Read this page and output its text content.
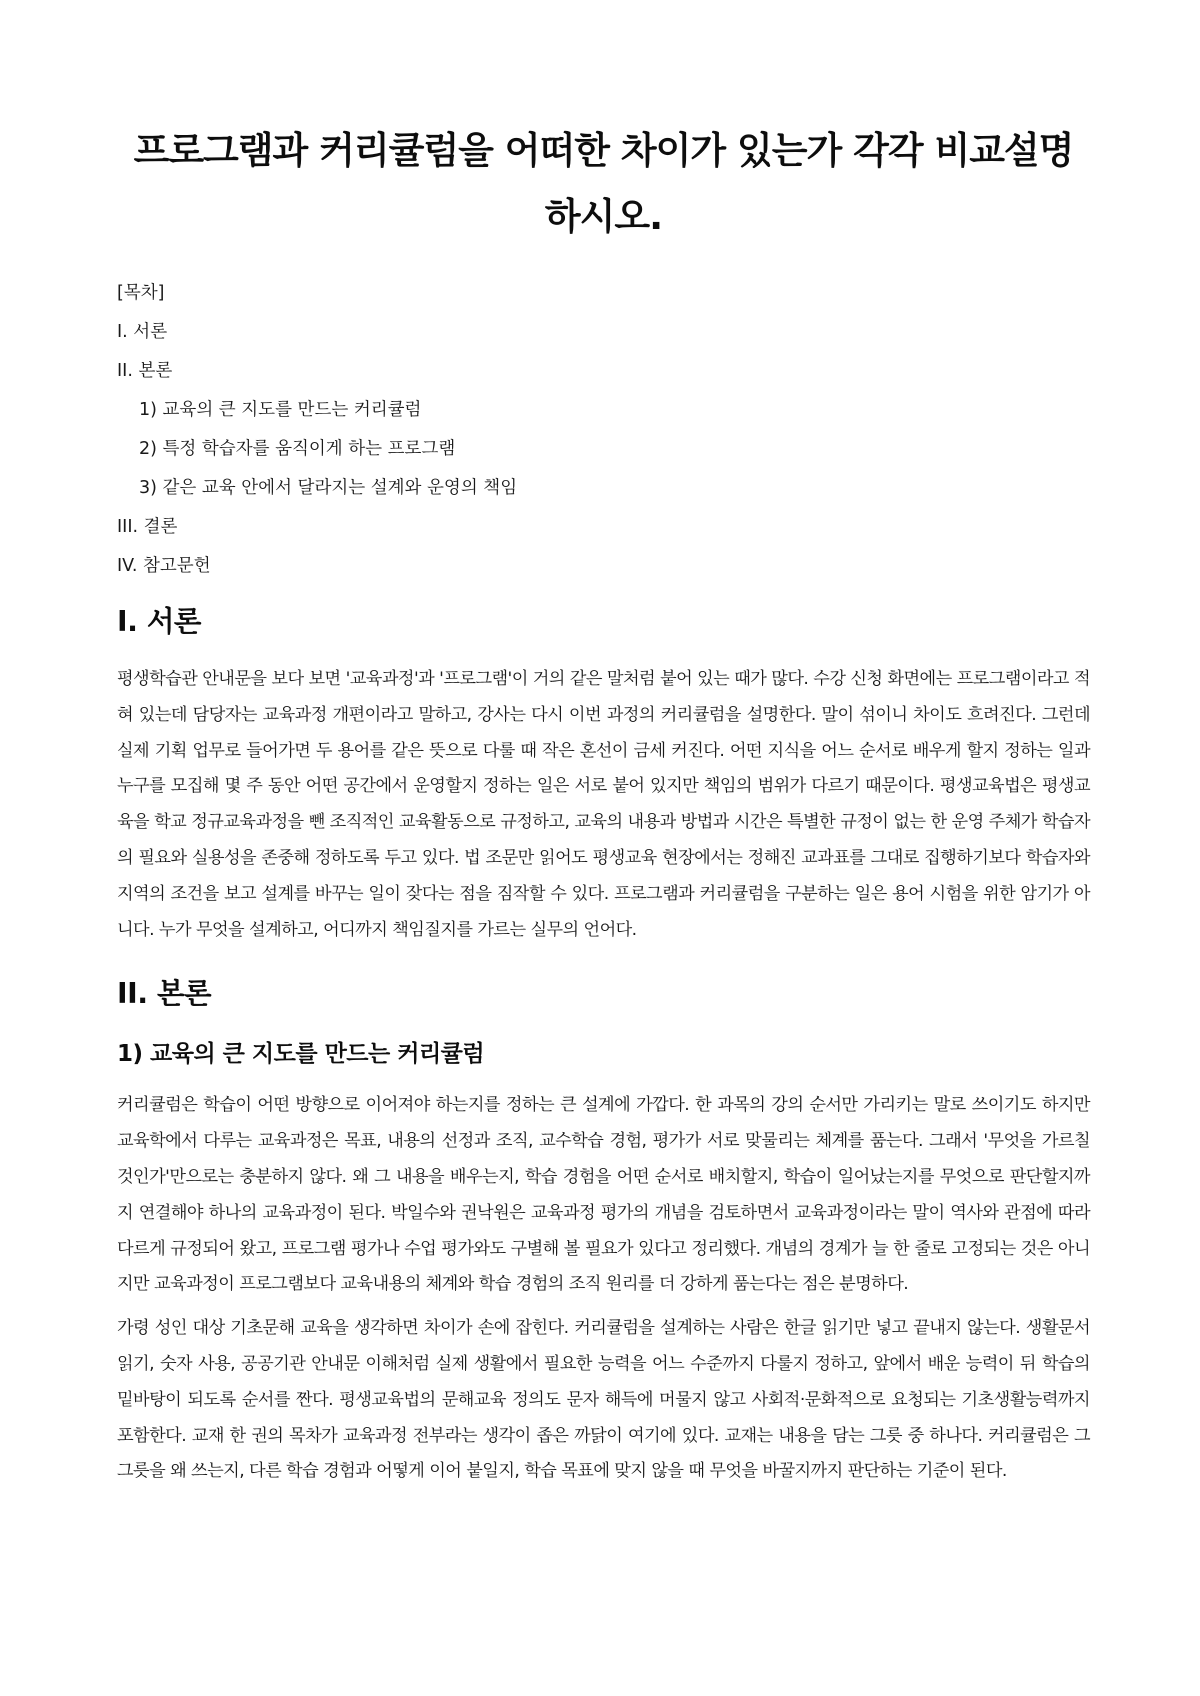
프로그램과 커리큘럼을 어떠한 차이가 있는가 각각 비교설명하시오.
[목차]
I. 서론
II. 본론
1) 교육의 큰 지도를 만드는 커리큘럼
2) 특정 학습자를 움직이게 하는 프로그램
3) 같은 교육 안에서 달라지는 설계와 운영의 책임
III. 결론
IV. 참고문헌
I. 서론

평생학습관 안내문을 보다 보면 '교육과정'과 '프로그램'이 거의 같은 말처럼 붙어 있는 때가 많다. 수강 신청 화면에는 프로그램이라고 적혀 있는데 담당자는 교육과정 개편이라고 말하고, 강사는 다시 이번 과정의 커리큘럼을 설명한다. 말이 섞이니 차이도 흐려진다. 그런데 실제 기획 업무로 들어가면 두 용어를 같은 뜻으로 다룰 때 작은 혼선이 금세 커진다. 어떤 지식을 어느 순서로 배우게 할지 정하는 일과 누구를 모집해 몇 주 동안 어떤 공간에서 운영할지 정하는 일은 서로 붙어 있지만 책임의 범위가 다르기 때문이다. 평생교육법은 평생교육을 학교 정규교육과정을 뺀 조직적인 교육활동으로 규정하고, 교육의 내용과 방법과 시간은 특별한 규정이 없는 한 운영 주체가 학습자의 필요와 실용성을 존중해 정하도록 두고 있다. 법 조문만 읽어도 평생교육 현장에서는 정해진 교과표를 그대로 집행하기보다 학습자와 지역의 조건을 보고 설계를 바꾸는 일이 잦다는 점을 짐작할 수 있다. 프로그램과 커리큘럼을 구분하는 일은 용어 시험을 위한 암기가 아니다. 누가 무엇을 설계하고, 어디까지 책임질지를 가르는 실무의 언어다.

II. 본론
1) 교육의 큰 지도를 만드는 커리큘럼

커리큘럼은 학습이 어떤 방향으로 이어져야 하는지를 정하는 큰 설계에 가깝다. 한 과목의 강의 순서만 가리키는 말로 쓰이기도 하지만 교육학에서 다루는 교육과정은 목표, 내용의 선정과 조직, 교수학습 경험, 평가가 서로 맞물리는 체계를 품는다. 그래서 '무엇을 가르칠 것인가'만으로는 충분하지 않다. 왜 그 내용을 배우는지, 학습 경험을 어떤 순서로 배치할지, 학습이 일어났는지를 무엇으로 판단할지까지 연결해야 하나의 교육과정이 된다. 박일수와 권낙원은 교육과정 평가의 개념을 검토하면서 교육과정이라는 말이 역사와 관점에 따라 다르게 규정되어 왔고, 프로그램 평가나 수업 평가와도 구별해 볼 필요가 있다고 정리했다. 개념의 경계가 늘 한 줄로 고정되는 것은 아니지만 교육과정이 프로그램보다 교육내용의 체계와 학습 경험의 조직 원리를 더 강하게 품는다는 점은 분명하다.

가령 성인 대상 기초문해 교육을 생각하면 차이가 손에 잡힌다. 커리큘럼을 설계하는 사람은 한글 읽기만 넣고 끝내지 않는다. 생활문서 읽기, 숫자 사용, 공공기관 안내문 이해처럼 실제 생활에서 필요한 능력을 어느 수준까지 다룰지 정하고, 앞에서 배운 능력이 뒤 학습의 밑바탕이 되도록 순서를 짠다. 평생교육법의 문해교육 정의도 문자 해득에 머물지 않고 사회적·문화적으로 요청되는 기초생활능력까지 포함한다. 교재 한 권의 목차가 교육과정 전부라는 생각이 좁은 까닭이 여기에 있다. 교재는 내용을 담는 그릇 중 하나다. 커리큘럼은 그 그릇을 왜 쓰는지, 다른 학습 경험과 어떻게 이어 붙일지, 학습 목표에 맞지 않을 때 무엇을 바꿀지까지 판단하는 기준이 된다.
